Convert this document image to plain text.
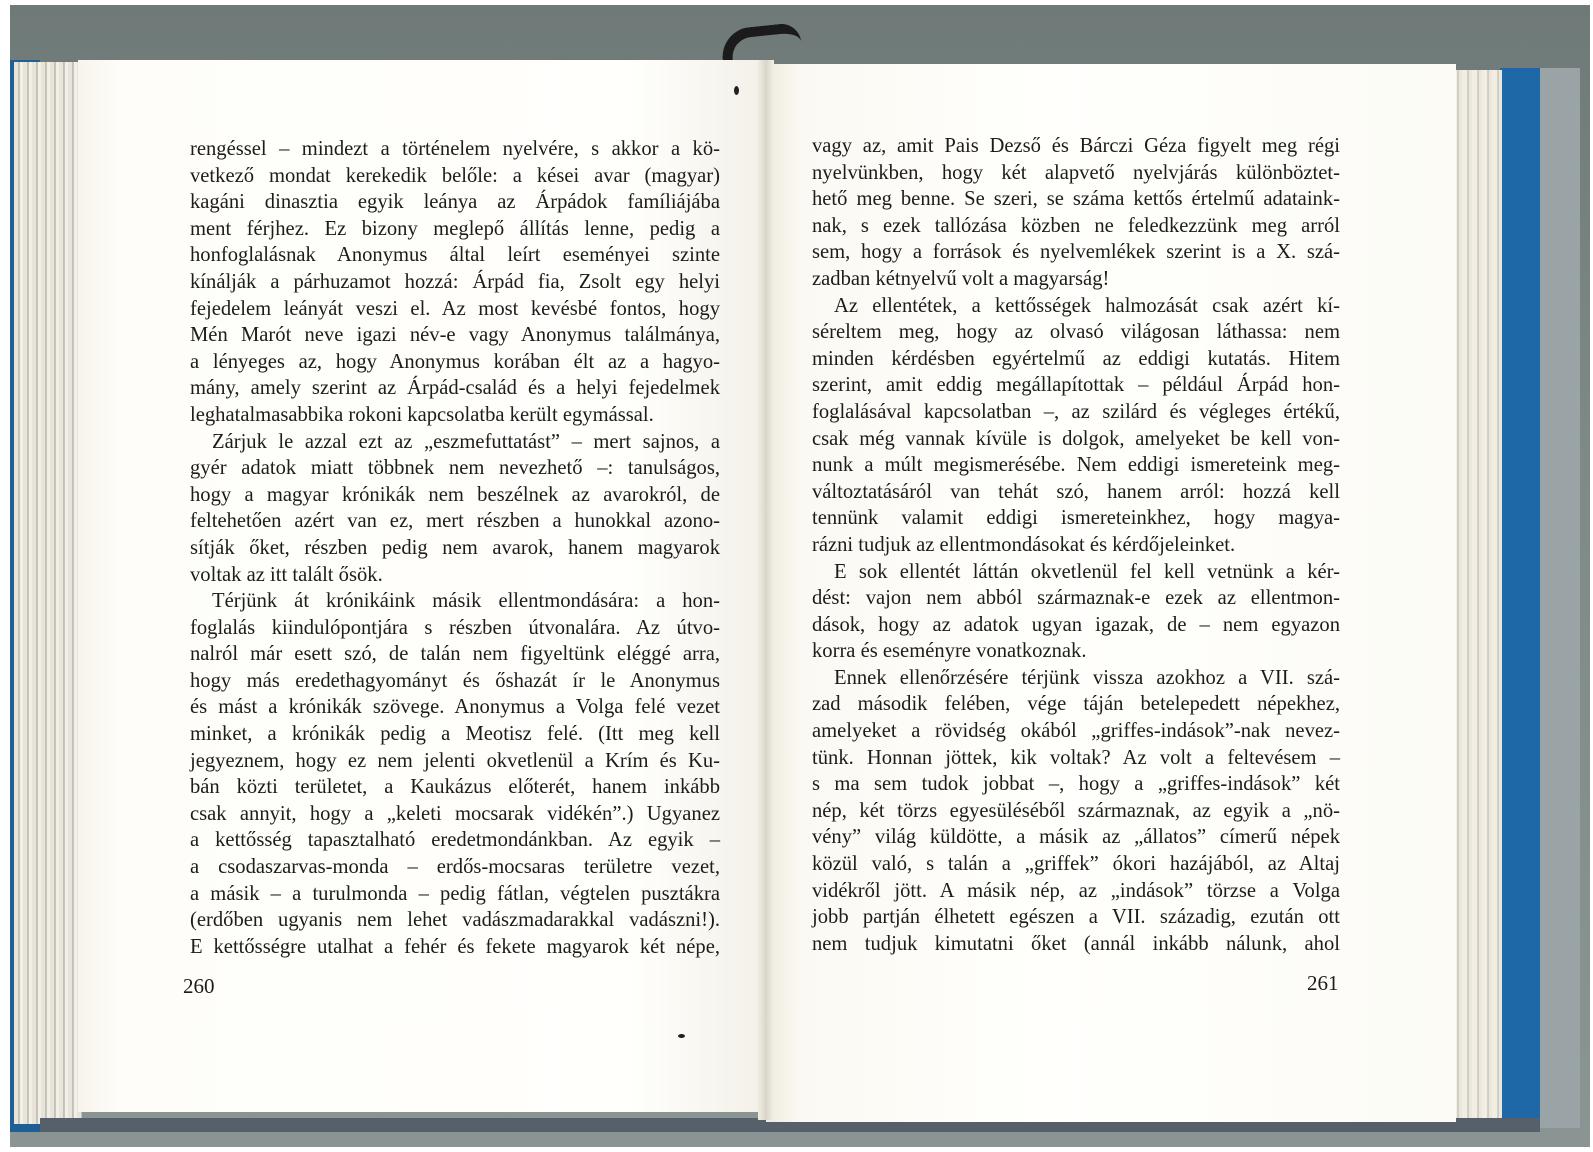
rengéssel – mindezt a történelem nyelvére, s akkor a kö-
vetkező mondat kerekedik belőle: a kései avar (magyar)
kagáni dinasztia egyik leánya az Árpádok famíliájába
ment férjhez. Ez bizony meglepő állítás lenne, pedig a
honfoglalásnak Anonymus által leírt eseményei szinte
kínálják a párhuzamot hozzá: Árpád fia, Zsolt egy helyi
fejedelem leányát veszi el. Az most kevésbé fontos, hogy
Mén Marót neve igazi név-e vagy Anonymus találmánya,
a lényeges az, hogy Anonymus korában élt az a hagyo-
mány, amely szerint az Árpád-család és a helyi fejedelmek
leghatalmasabbika rokoni kapcsolatba került egymással.
Zárjuk le azzal ezt az „eszmefuttatást” – mert sajnos, a
gyér adatok miatt többnek nem nevezhető –: tanulságos,
hogy a magyar krónikák nem beszélnek az avarokról, de
feltehetően azért van ez, mert részben a hunokkal azono-
sítják őket, részben pedig nem avarok, hanem magyarok
voltak az itt talált ősök.
Térjünk át krónikáink másik ellentmondására: a hon-
foglalás kiindulópontjára s részben útvonalára. Az útvo-
nalról már esett szó, de talán nem figyeltünk eléggé arra,
hogy más eredethagyományt és őshazát ír le Anonymus
és mást a krónikák szövege. Anonymus a Volga felé vezet
minket, a krónikák pedig a Meotisz felé. (Itt meg kell
jegyeznem, hogy ez nem jelenti okvetlenül a Krím és Ku-
bán közti területet, a Kaukázus előterét, hanem inkább
csak annyit, hogy a „keleti mocsarak vidékén”.) Ugyanez
a kettősség tapasztalható eredetmondánkban. Az egyik –
a csodaszarvas-monda – erdős-mocsaras területre vezet,
a másik – a turulmonda – pedig fátlan, végtelen pusztákra
(erdőben ugyanis nem lehet vadászmadarakkal vadászni!).
E kettősségre utalhat a fehér és fekete magyarok két népe,
vagy az, amit Pais Dezső és Bárczi Géza figyelt meg régi
nyelvünkben, hogy két alapvető nyelvjárás különböztet-
hető meg benne. Se szeri, se száma kettős értelmű adataink-
nak, s ezek tallózása közben ne feledkezzünk meg arról
sem, hogy a források és nyelvemlékek szerint is a X. szá-
zadban kétnyelvű volt a magyarság!
Az ellentétek, a kettősségek halmozását csak azért kí-
séreltem meg, hogy az olvasó világosan láthassa: nem
minden kérdésben egyértelmű az eddigi kutatás. Hitem
szerint, amit eddig megállapítottak – például Árpád hon-
foglalásával kapcsolatban –, az szilárd és végleges értékű,
csak még vannak kívüle is dolgok, amelyeket be kell von-
nunk a múlt megismerésébe. Nem eddigi ismereteink meg-
változtatásáról van tehát szó, hanem arról: hozzá kell
tennünk valamit eddigi ismereteinkhez, hogy magya-
rázni tudjuk az ellentmondásokat és kérdőjeleinket.
E sok ellentét láttán okvetlenül fel kell vetnünk a kér-
dést: vajon nem abból származnak-e ezek az ellentmon-
dások, hogy az adatok ugyan igazak, de – nem egyazon
korra és eseményre vonatkoznak.
Ennek ellenőrzésére térjünk vissza azokhoz a VII. szá-
zad második felében, vége táján betelepedett népekhez,
amelyeket a rövidség okából „griffes-indások”-nak nevez-
tünk. Honnan jöttek, kik voltak? Az volt a feltevésem –
s ma sem tudok jobbat –, hogy a „griffes-indások” két
nép, két törzs egyesüléséből származnak, az egyik a „nö-
vény” világ küldötte, a másik az „állatos” címerű népek
közül való, s talán a „griffek” ókori hazájából, az Altaj
vidékről jött. A másik nép, az „indások” törzse a Volga
jobb partján élhetett egészen a VII. századig, ezután ott
nem tudjuk kimutatni őket (annál inkább nálunk, ahol
260	261
